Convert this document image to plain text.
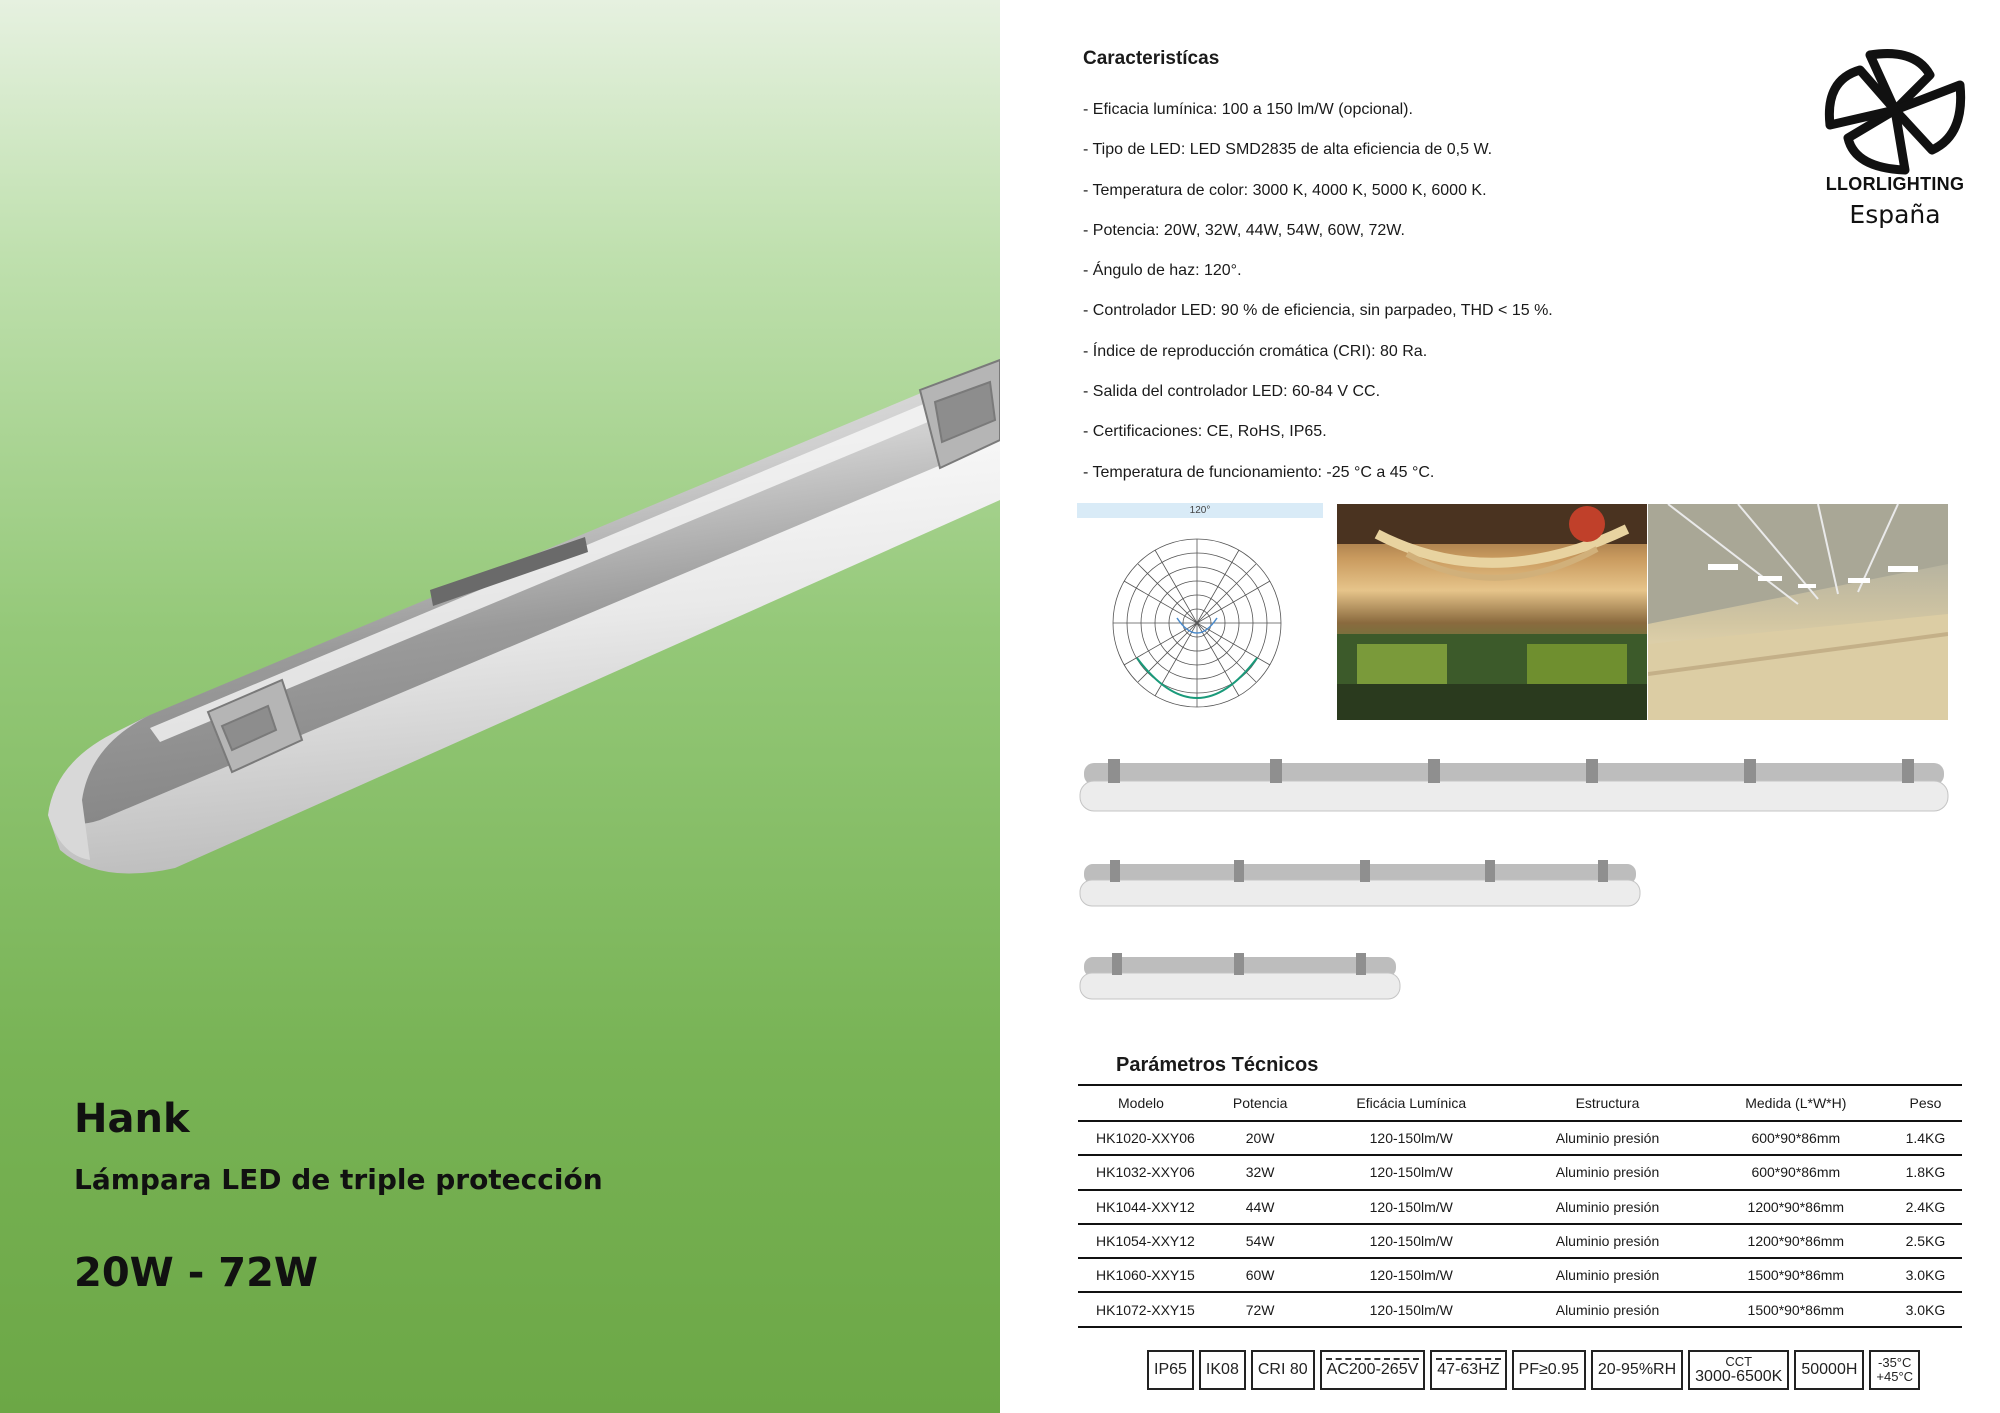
Hank
Lámpara LED de triple protección
20W - 72W
Caracteristícas
- Eficacia lumínica: 100 a 150 lm/W (opcional).
- Tipo de LED: LED SMD2835 de alta eficiencia de 0,5 W.
- Temperatura de color: 3000 K, 4000 K, 5000 K, 6000 K.
- Potencia: 20W, 32W, 44W, 54W, 60W, 72W.
- Ángulo de haz: 120°.
- Controlador LED: 90 % de eficiencia, sin parpadeo, THD < 15 %.
- Índice de reproducción cromática (CRI): 80 Ra.
- Salida del controlador LED: 60-84 V CC.
- Certificaciones: CE, RoHS, IP65.
- Temperatura de funcionamiento: -25 °C a 45 °C.
LLORLIGHTING
España
120°
Parámetros Técnicos
Modelo	Potencia	Eficácia Lumínica	Estructura	Medida (L*W*H)	Peso
HK1020-XXY06	20W	120-150lm/W	Aluminio presión	600*90*86mm	1.4KG
HK1032-XXY06	32W	120-150lm/W	Aluminio presión	600*90*86mm	1.8KG
HK1044-XXY12	44W	120-150lm/W	Aluminio presión	1200*90*86mm	2.4KG
HK1054-XXY12	54W	120-150lm/W	Aluminio presión	1200*90*86mm	2.5KG
HK1060-XXY15	60W	120-150lm/W	Aluminio presión	1500*90*86mm	3.0KG
HK1072-XXY15	72W	120-150lm/W	Aluminio presión	1500*90*86mm	3.0KG
IP65	IK08	CRI 80	AC200-265V	47-63HZ	PF≥0.95	20-95%RH	CCT
3000-6500K	50000H	-35°C
+45°C
